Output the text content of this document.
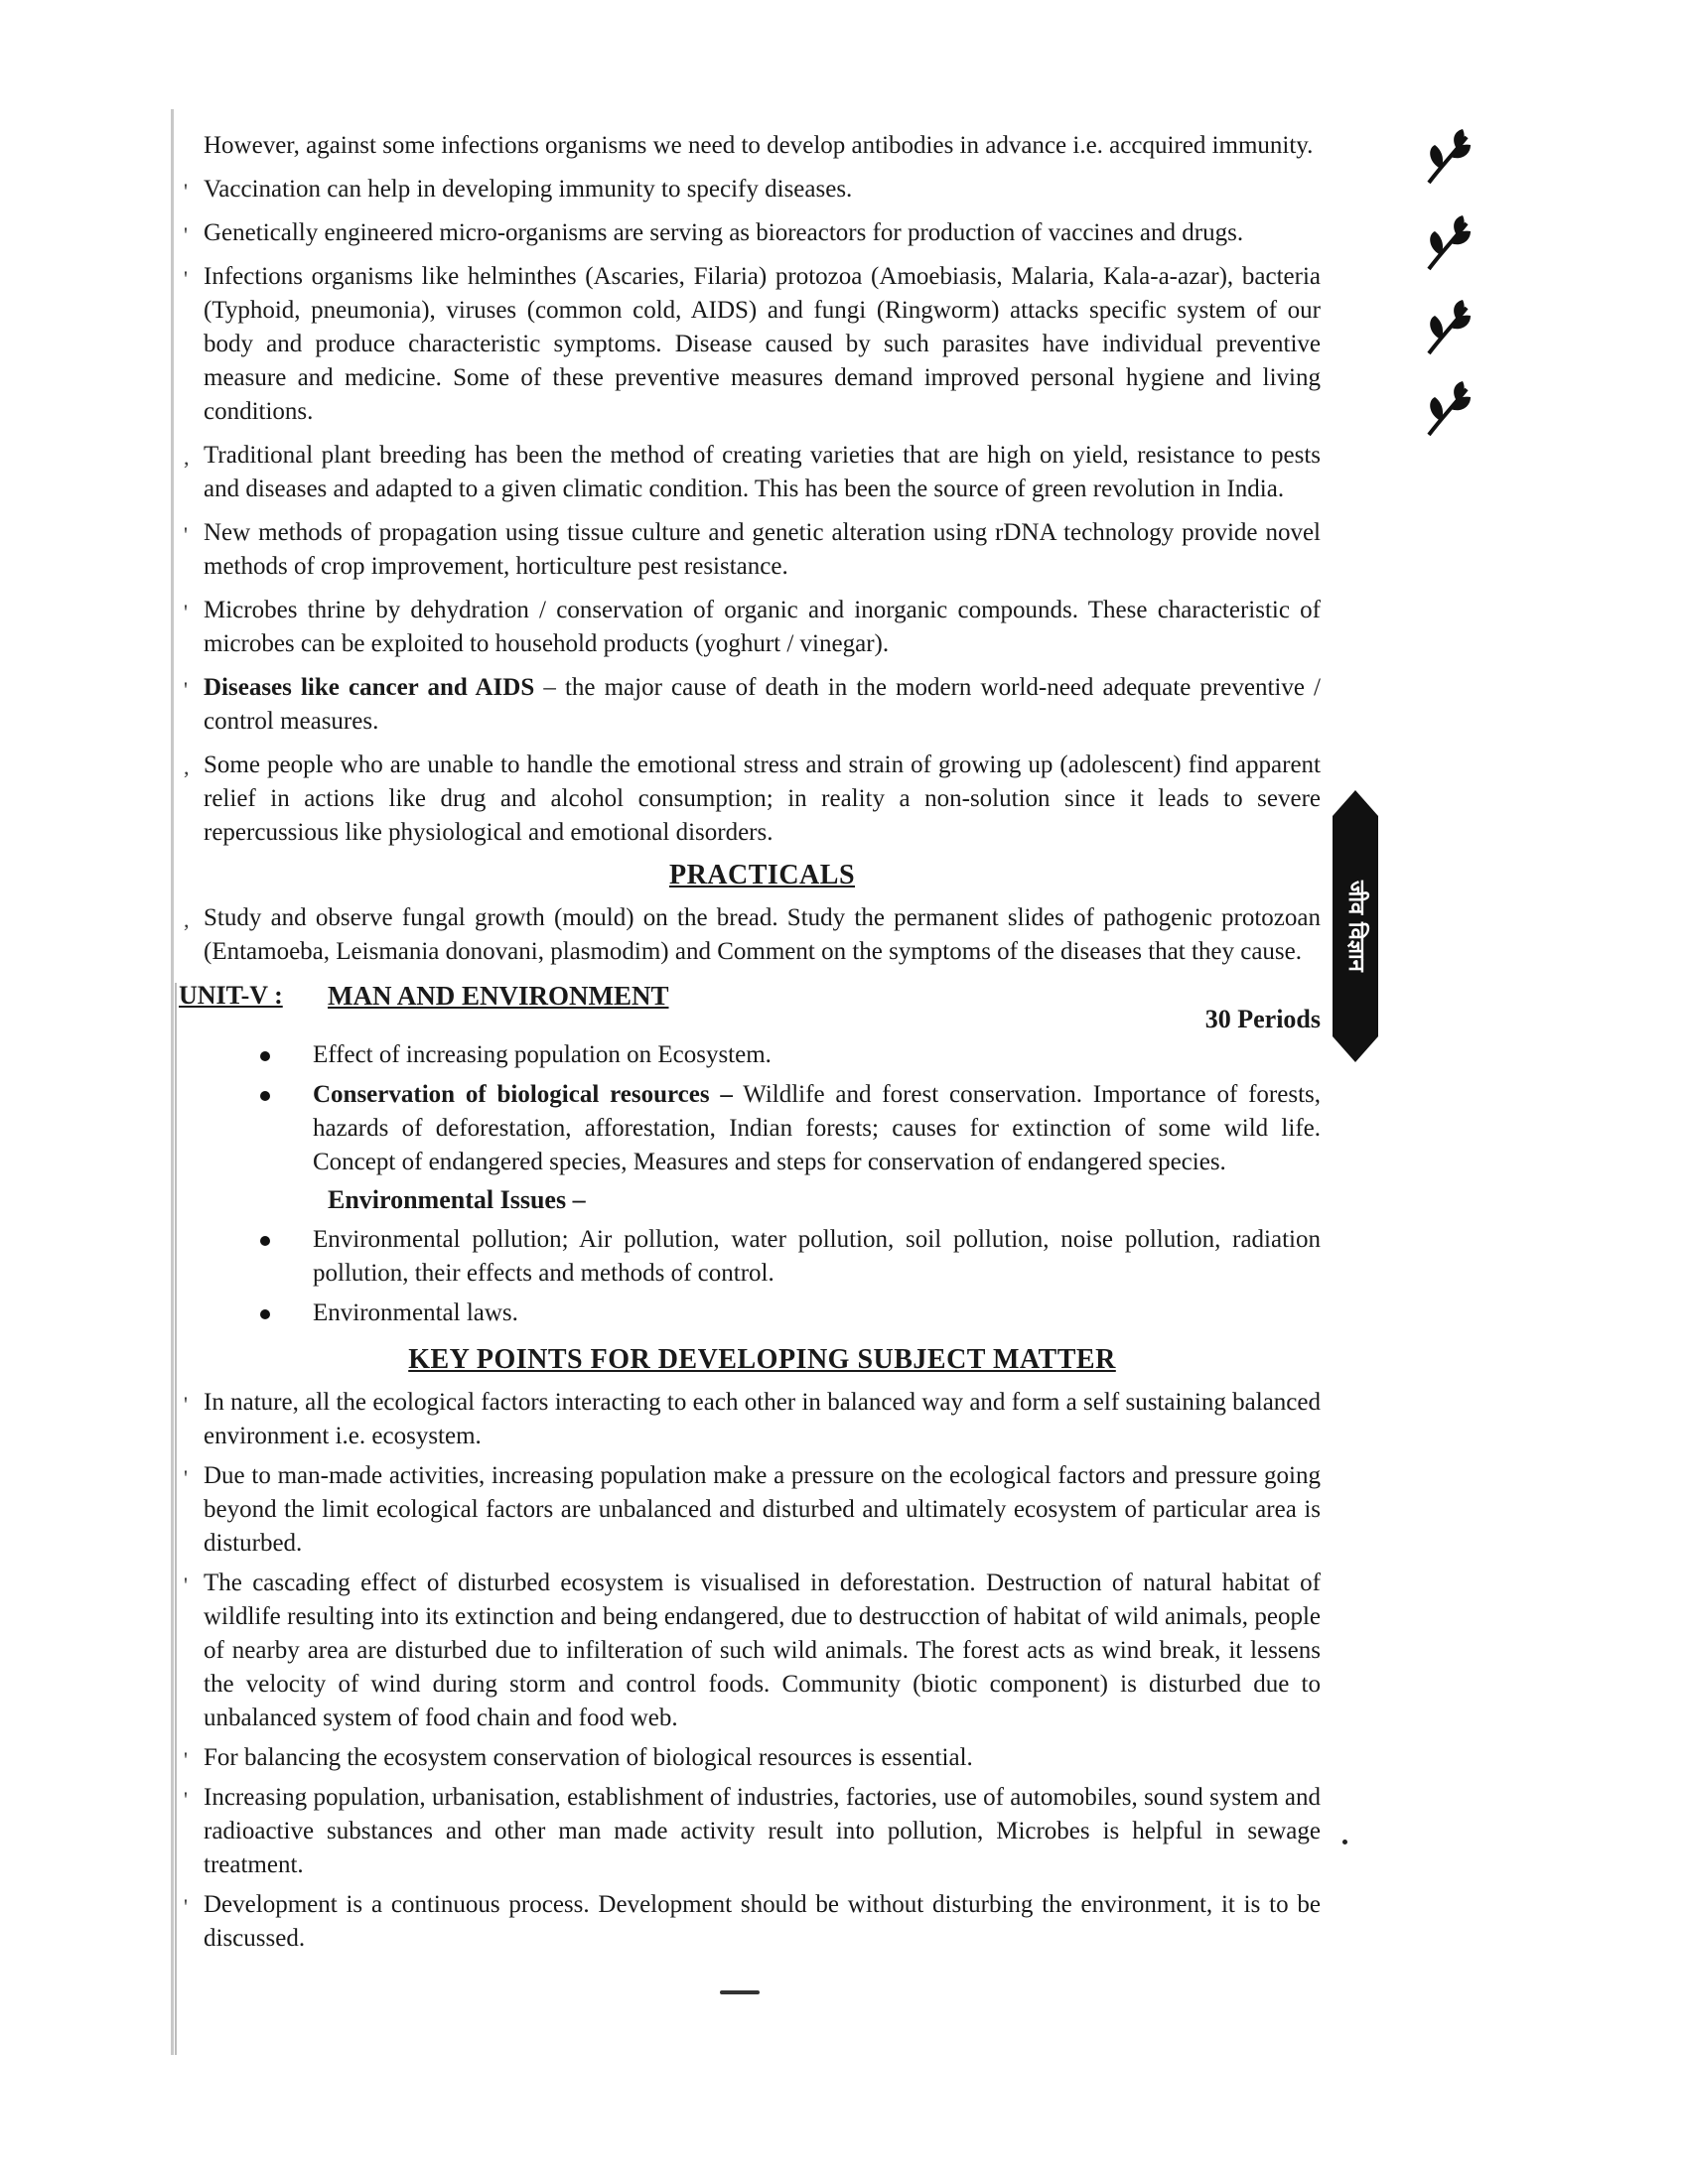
जीव विज्ञान

However, against some infections organisms we need to develop antibodies in advance i.e. accquired immunity.

' Vaccination can help in developing immunity to specify diseases.

' Genetically engineered micro-organisms are serving as bioreactors for production of vaccines and drugs.

' Infections organisms like helminthes (Ascaries, Filaria) protozoa (Amoebiasis, Malaria, Kala-a-azar), bacteria (Typhoid, pneumonia), viruses (common cold, AIDS) and fungi (Ringworm) attacks specific system of our body and produce characteristic symptoms. Disease caused by such parasites have individual preventive measure and medicine. Some of these preventive measures demand improved personal hygiene and living conditions.

, Traditional plant breeding has been the method of creating varieties that are high on yield, resistance to pests and diseases and adapted to a given climatic condition. This has been the source of green revolution in India.

' New methods of propagation using tissue culture and genetic alteration using rDNA technology provide novel methods of crop improvement, horticulture pest resistance.

' Microbes thrine by dehydration / conservation of organic and inorganic compounds. These characteristic of microbes can be exploited to household products (yoghurt / vinegar).

' Diseases like cancer and AIDS – the major cause of death in the modern world-need adequate preventive / control measures.

, Some people who are unable to handle the emotional stress and strain of growing up (adolescent) find apparent relief in actions like drug and alcohol consumption; in reality a non-solution since it leads to severe repercussious like physiological and emotional disorders.

PRACTICALS

, Study and observe fungal growth (mould) on the bread. Study the permanent slides of pathogenic protozoan (Entamoeba, Leismania donovani, plasmodim) and Comment on the symptoms of the diseases that they cause.

UNIT-V : MAN AND ENVIRONMENT
30 Periods
Effect of increasing population on Ecosystem.
Conservation of biological resources – Wildlife and forest conservation. Importance of forests, hazards of deforestation, afforestation, Indian forests; causes for extinction of some wild life. Concept of endangered species, Measures and steps for conservation of endangered species.
Environmental Issues –
Environmental pollution; Air pollution, water pollution, soil pollution, noise pollution, radiation pollution, their effects and methods of control.
Environmental laws.
KEY POINTS FOR DEVELOPING SUBJECT MATTER

' In nature, all the ecological factors interacting to each other in balanced way and form a self sustaining balanced environment i.e. ecosystem.

' Due to man-made activities, increasing population make a pressure on the ecological factors and pressure going beyond the limit ecological factors are unbalanced and disturbed and ultimately ecosystem of particular area is disturbed.

' The cascading effect of disturbed ecosystem is visualised in deforestation. Destruction of natural habitat of wildlife resulting into its extinction and being endangered, due to destrucction of habitat of wild animals, people of nearby area are disturbed due to infilteration of such wild animals. The forest acts as wind break, it lessens the velocity of wind during storm and control foods. Community (biotic component) is disturbed due to unbalanced system of food chain and food web.

' For balancing the ecosystem conservation of biological resources is essential.

' Increasing population, urbanisation, establishment of industries, factories, use of automobiles, sound system and radioactive substances and other man made activity result into pollution, Microbes is helpful in sewage treatment.

' Development is a continuous process. Development should be without disturbing the environment, it is to be discussed.
